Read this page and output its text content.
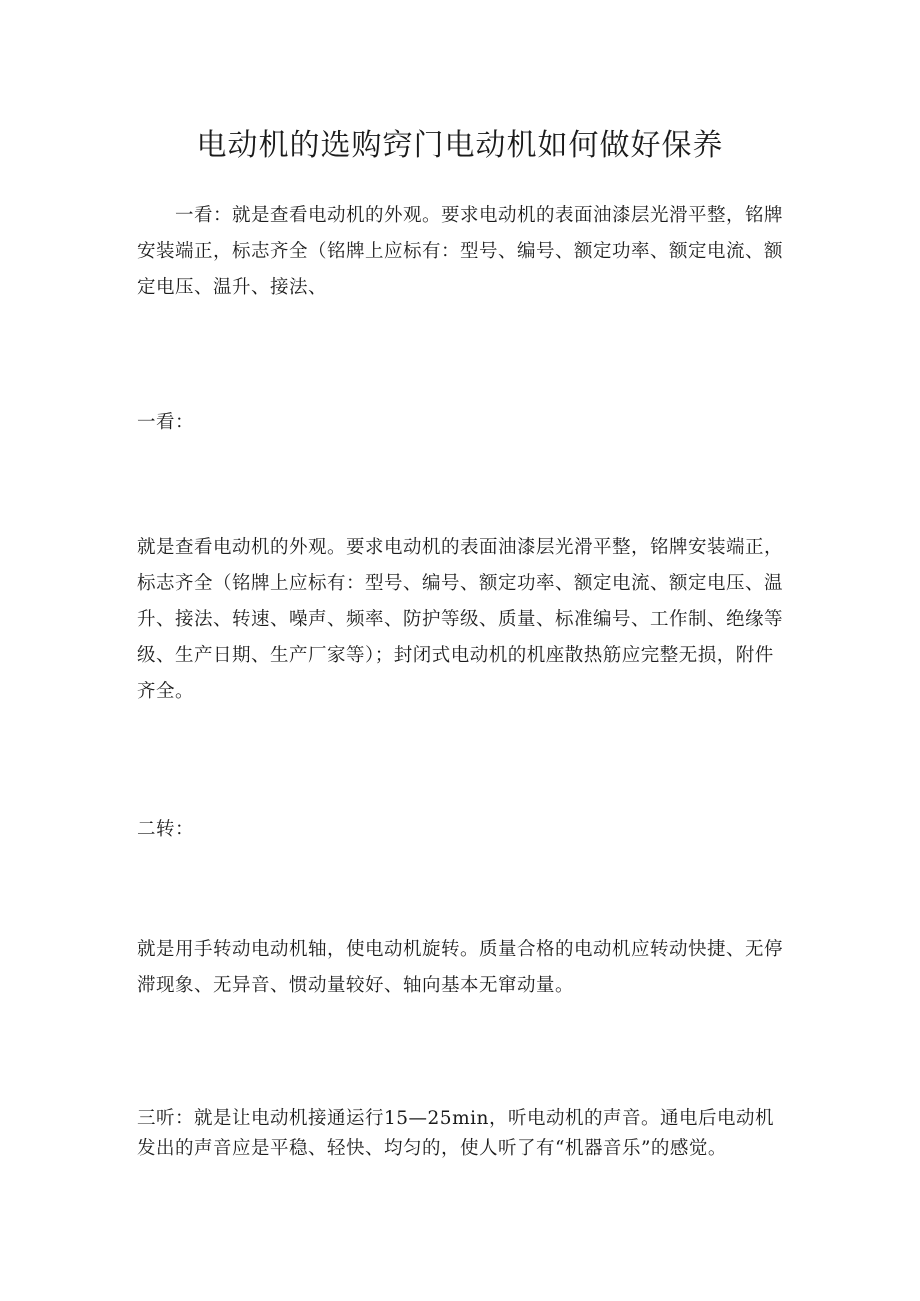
电动机的选购窍门电动机如何做好保养

一看：就是查看电动机的外观。要求电动机的表面油漆层光滑平整，铭牌安装端正，标志齐全（铭牌上应标有：型号、编号、额定功率、额定电流、额定电压、温升、接法、

一看：

就是查看电动机的外观。要求电动机的表面油漆层光滑平整，铭牌安装端正，标志齐全（铭牌上应标有：型号、编号、额定功率、额定电流、额定电压、温升、接法、转速、噪声、频率、防护等级、质量、标准编号、工作制、绝缘等级、生产日期、生产厂家等）；封闭式电动机的机座散热筋应完整无损，附件齐全。

二转：

就是用手转动电动机轴，使电动机旋转。质量合格的电动机应转动快捷、无停滞现象、无异音、惯动量较好、轴向基本无窜动量。

三听：就是让电动机接通运行15—25min，听电动机的声音。通电后电动机发出的声音应是平稳、轻快、均匀的，使人听了有“机器音乐”的感觉。
